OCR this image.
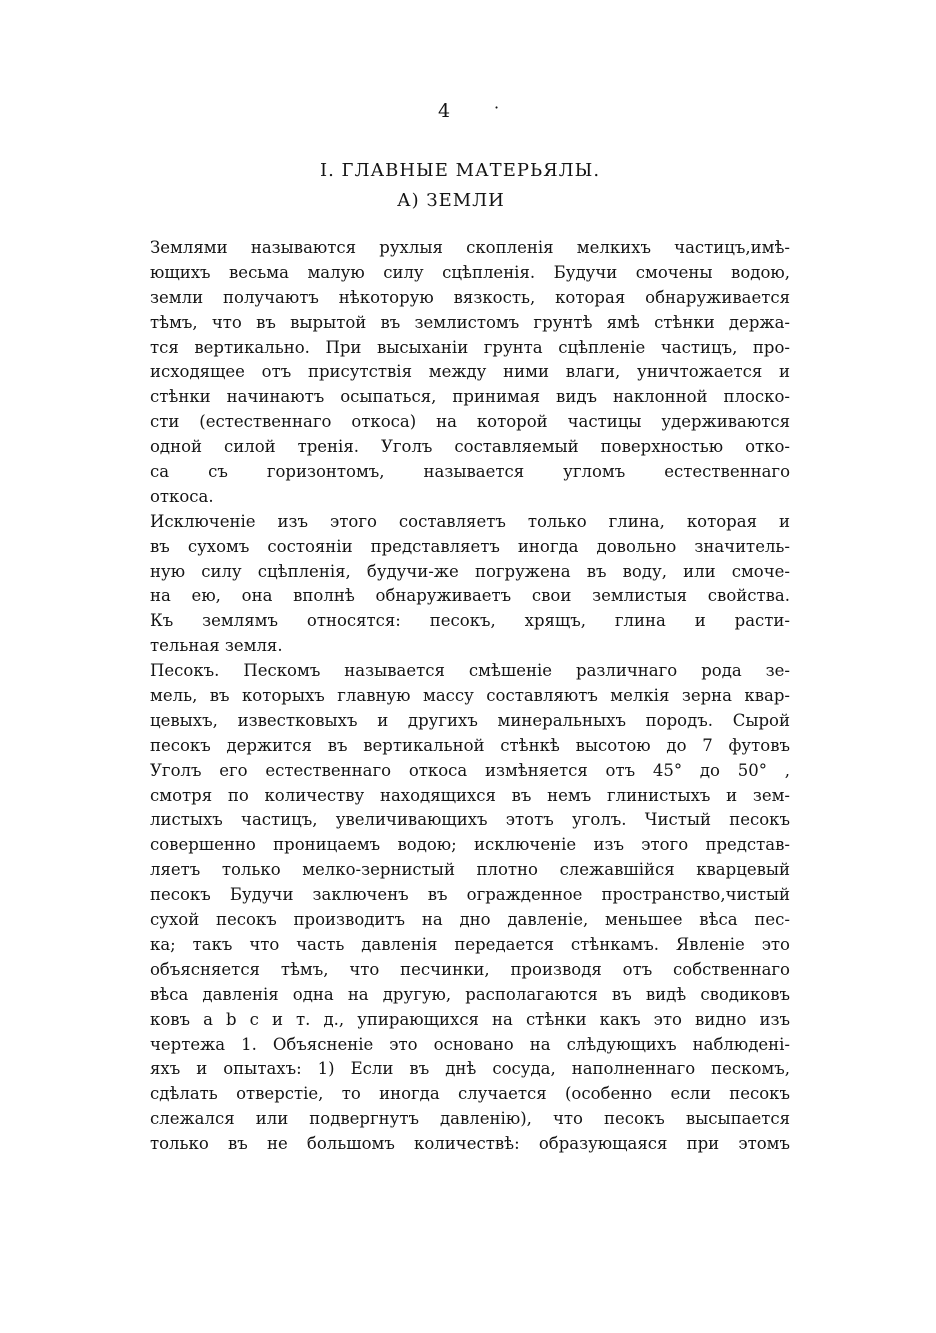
4	·
I. ГЛАВНЫЕ МАТЕРЬЯЛЫ.
А) ЗЕМЛИ
Землями называются рухлыя скопленія мелкихъ частицъ,имѣ-
ющихъ весьма малую силу сцѣпленія. Будучи смочены водою,
земли получаютъ нѣкоторую вязкость, которая обнаруживается
тѣмъ, что въ вырытой въ землистомъ грунтѣ ямѣ стѣнки держа-
тся вертикально. При высыханіи грунта сцѣпленіе частицъ, про-
исходящее отъ присутствія между ними влаги, уничтожается и
стѣнки начинаютъ осыпаться, принимая видъ наклонной плоско-
сти (естественнаго откоса) на которой частицы удерживаются
одной силой тренія. Уголъ составляемый поверхностью отко-
са съ горизонтомъ, называется угломъ естественнаго
откоса.
Исключеніе изъ этого составляетъ только глина, которая и
въ сухомъ состояніи представляетъ иногда довольно значитель-
ную силу сцѣпленія, будучи-же погружена въ воду, или смоче-
на ею, она вполнѣ обнаруживаетъ свои землистыя свойства.
Къ землямъ относятся: песокъ, хрящъ, глина и расти-
тельная земля.
Песокъ. Пескомъ называется смѣшеніе различнаго рода зе-
мель, въ которыхъ главную массу составляютъ мелкія зерна квар-
цевыхъ, известковыхъ и другихъ минеральныхъ породъ. Сырой
песокъ держится въ вертикальной стѣнкѣ высотою до 7 футовъ
Уголъ его естественнаго откоса измѣняется отъ 45° до 50° ,
смотря по количеству находящихся въ немъ глинистыхъ и зем-
листыхъ частицъ, увеличивающихъ этотъ уголъ. Чистый песокъ
совершенно проницаемъ водою; исключеніе изъ этого представ-
ляетъ только мелко-зернистый плотно слежавшійся кварцевый
песокъ Будучи заключенъ въ огражденное пространство,чистый
сухой песокъ производитъ на дно давленіе, меньшее вѣса пес-
ка; такъ что часть давленія передается стѣнкамъ. Явленіе это
объясняется тѣмъ, что песчинки, производя отъ собственнаго
вѣса давленія одна на другую, располагаются въ видѣ сводиковъ
ковъ а b c и т. д., упирающихся на стѣнки какъ это видно изъ
чертежа 1. Объясненіе это основано на слѣдующихъ наблюдені-
яхъ и опытахъ: 1) Если въ днѣ сосуда, наполненнаго пескомъ,
сдѣлать отверстіе, то иногда случается (особенно если песокъ
слежался или подвергнутъ давленію), что песокъ высыпается
только въ не большомъ количествѣ: образующаяся при этомъ
